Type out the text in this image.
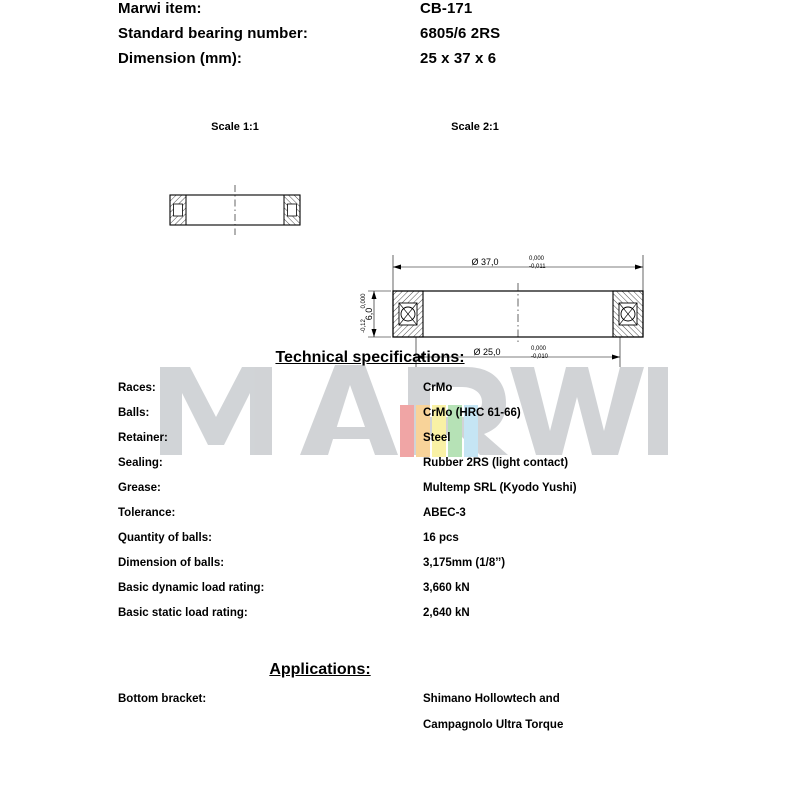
Marwi item:	CB-171
Standard bearing number:	6805/6 2RS
Dimension (mm):	25 x 37 x 6
Scale 1:1	Scale 2:1
Ø 37,0	0,000
-0,011
Ø 25,0	0,000
-0,010
6,0
0,000
-0,12
Technical specifications:
Races:	CrMo
Balls:	CrMo (HRC 61-66)
Retainer:	Steel
Sealing:	Rubber 2RS (light contact)
Grease:	Multemp SRL (Kyodo Yushi)
Tolerance:	ABEC-3
Quantity of balls:	16 pcs
Dimension of balls:	3,175mm (1/8’’)
Basic dynamic load rating:	3,660 kN
Basic static load rating:	2,640 kN
Applications:
Bottom bracket:	Shimano Hollowtech and
Campagnolo Ultra Torque
